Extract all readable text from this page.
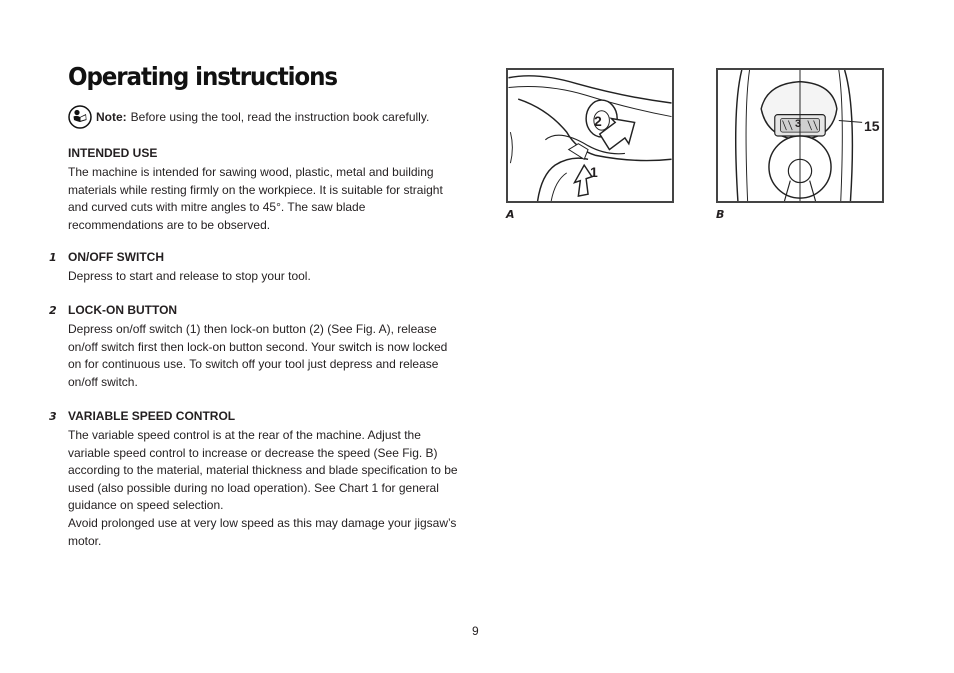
Operating instructions
Note: Before using the tool, read the instruction book carefully.
INTENDED USE

The machine is intended for sawing wood, plastic, metal and building materials while resting firmly on the workpiece. It is suitable for straight and curved cuts with mitre angles to 45°. The saw blade recommendations are to be observed.

1 ON/OFF SWITCH

Depress to start and release to stop your tool.

2 LOCK-ON BUTTON

Depress on/off switch (1) then lock-on button (2) (See Fig. A), release on/off switch first then lock-on button second. Your switch is now locked on for continuous use. To switch off your tool just depress and release on/off switch.

3 VARIABLE SPEED CONTROL

The variable speed control is at the rear of the machine. Adjust the variable speed control to increase or decrease the speed (See Fig. B) according to the material, material thickness and blade specification to be used (also possible during no load operation). See Chart 1 for general guidance on speed selection.

Avoid prolonged use at very low speed as this may damage your jigsaw’s motor.

2
1
A
3	15
B
9
